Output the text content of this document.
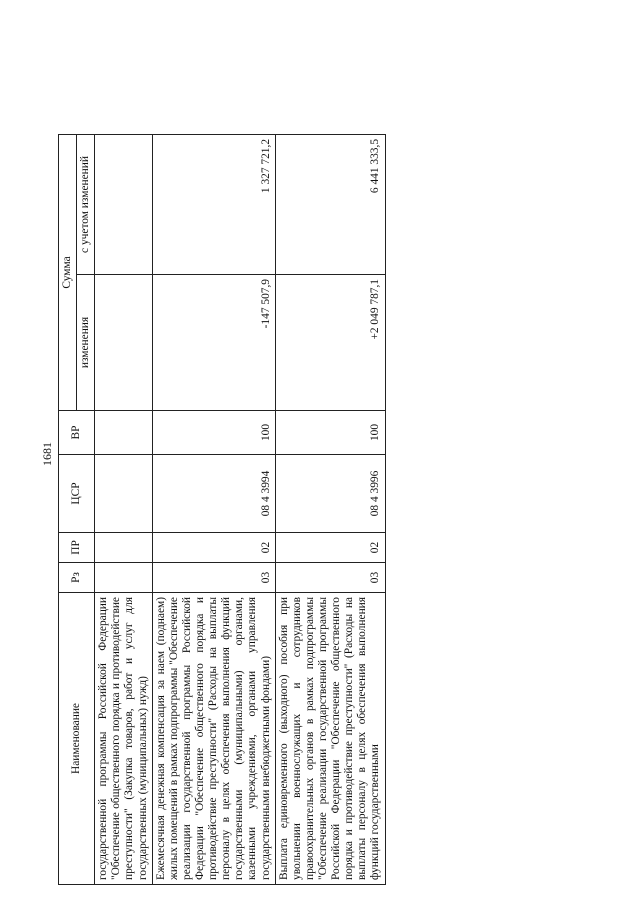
1681
Наименование	Рз	ПР	ЦСР	ВР	Сумма	
					изменения	с учетом изменений
государственной программы Российской Федерации "Обеспечение общественного порядка и противодействие преступности" (Закупка товаров, работ и услуг для государственных (муниципальных) нужд)						
Ежемесячная денежная компенсация за наем (поднаем) жилых помещений в рамках подпрограммы "Обеспечение реализации государственной программы Российской Федерации "Обеспечение общественного порядка и противодействие преступности" (Расходы на выплаты персоналу в целях обеспечения выполнения функций государственными (муниципальными) органами, казенными учреждениями, органами управления государственными внебюджетными фондами)	03	02	08 4 3994	100	-147 507,9	1 327 721,2
Выплата единовременного (выходного) пособия при увольнении военнослужащих и сотрудников правоохранительных органов в рамках подпрограммы "Обеспечение реализации государственной программы Российской Федерации "Обеспечение общественного порядка и противодействие преступности" (Расходы на выплаты персоналу в целях обеспечения выполнения функций государственными	03	02	08 4 3996	100	+2 049 787,1	6 441 333,5
